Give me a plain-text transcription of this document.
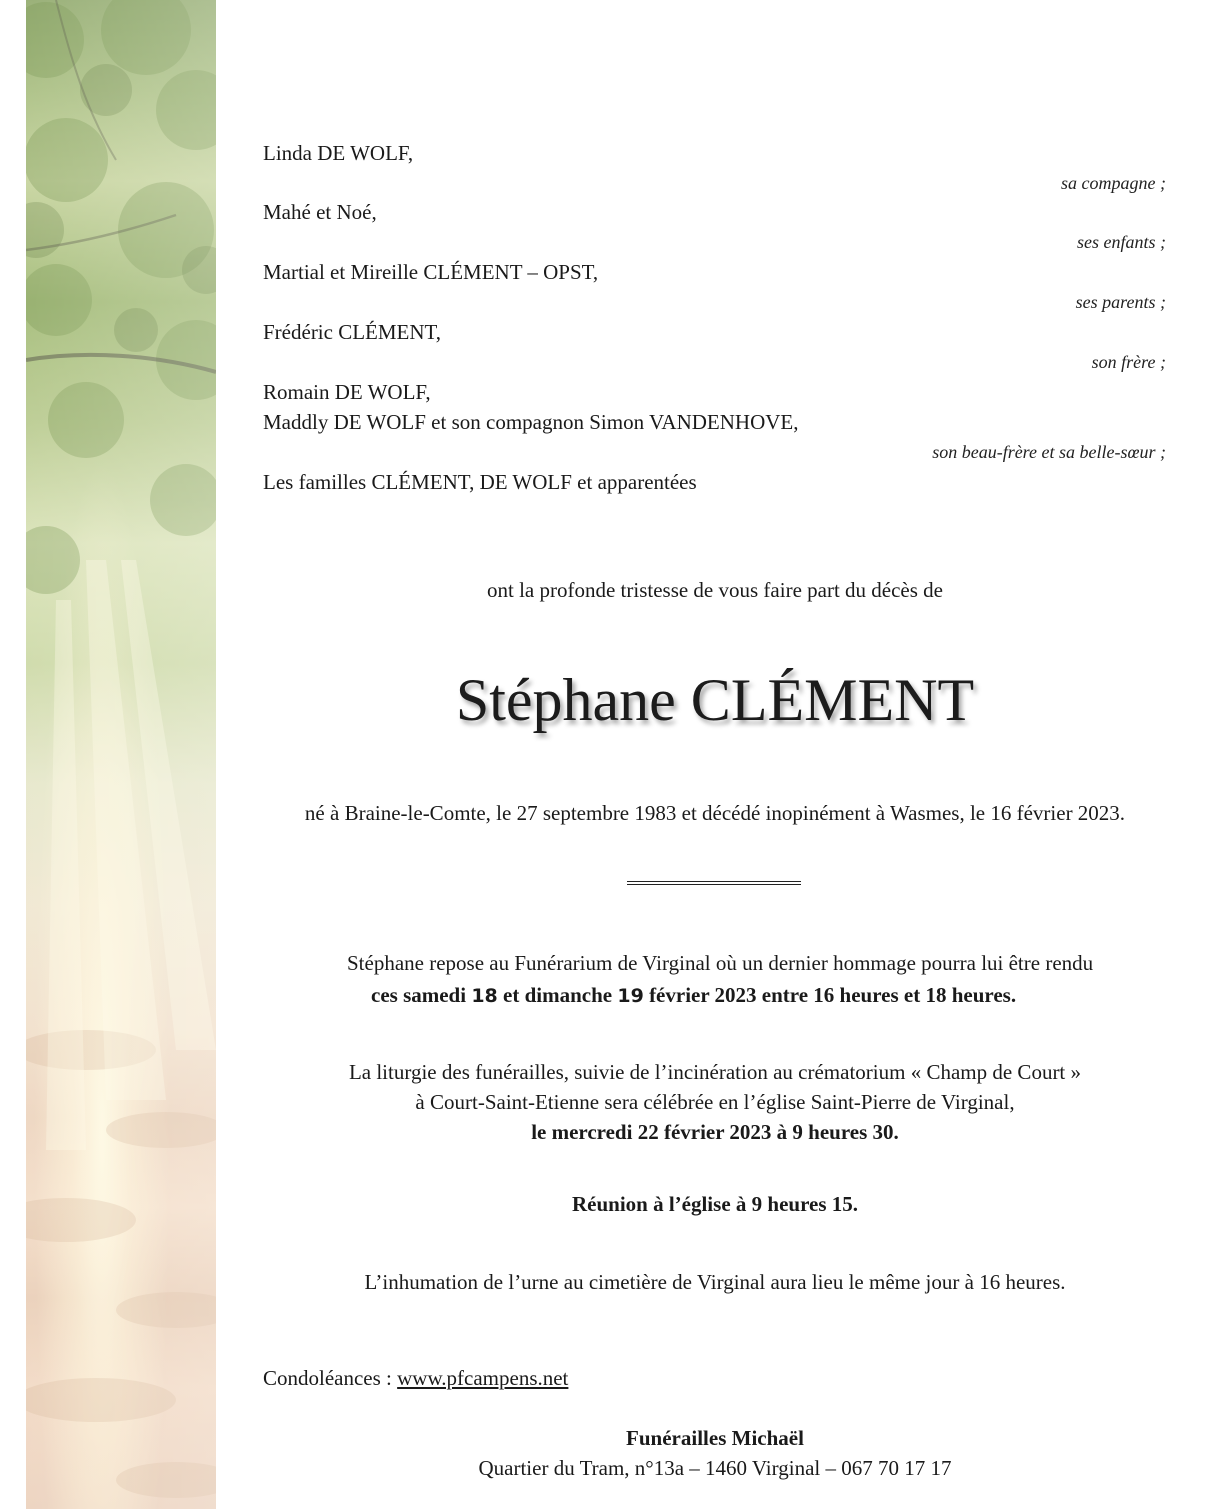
Linda DE WOLF,
sa compagne ;
Mahé et Noé,
ses enfants ;
Martial et Mireille CLÉMENT – OPST,
ses parents ;
Frédéric CLÉMENT,
son frère ;
Romain DE WOLF,
Maddly DE WOLF et son compagnon Simon VANDENHOVE,
son beau-frère et sa belle-sœur ;
Les familles CLÉMENT, DE WOLF et apparentées
ont la profonde tristesse de vous faire part du décès de
Stéphane CLÉMENT
né à Braine-le-Comte, le 27 septembre 1983 et décédé inopinément à Wasmes, le 16 février 2023.
Stéphane repose au Funérarium de Virginal où un dernier hommage pourra lui être rendu
ces samedi 18 et dimanche 19 février 2023 entre 16 heures et 18 heures.
La liturgie des funérailles, suivie de l’incinération au crématorium « Champ de Court »
à Court-Saint-Etienne sera célébrée en l’église Saint-Pierre de Virginal,
le mercredi 22 février 2023 à 9 heures 30.
Réunion à l’église à 9 heures 15.
L’inhumation de l’urne au cimetière de Virginal aura lieu le même jour à 16 heures.
Condoléances : www.pfcampens.net
Funérailles Michaël
Quartier du Tram, n°13a – 1460 Virginal – 067 70 17 17
